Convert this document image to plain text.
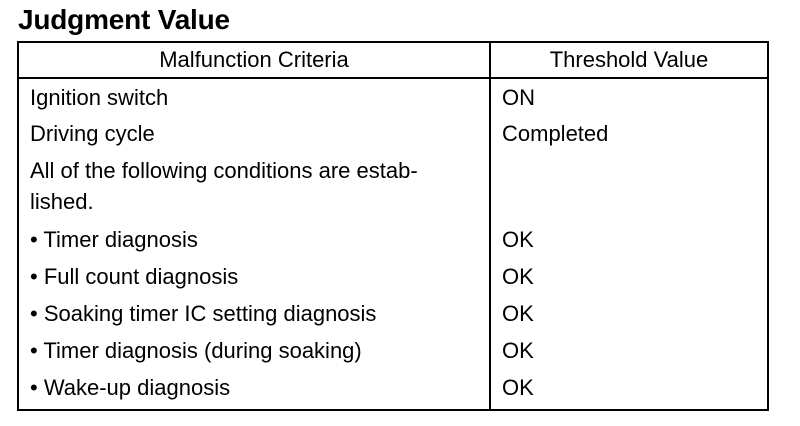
Judgment Value
Malfunction Criteria	Threshold Value
Ignition switch	ON
Driving cycle	Completed
All of the following conditions are estab-
lished.	
• Timer diagnosis	OK
• Full count diagnosis	OK
• Soaking timer IC setting diagnosis	OK
• Timer diagnosis (during soaking)	OK
• Wake-up diagnosis	OK
